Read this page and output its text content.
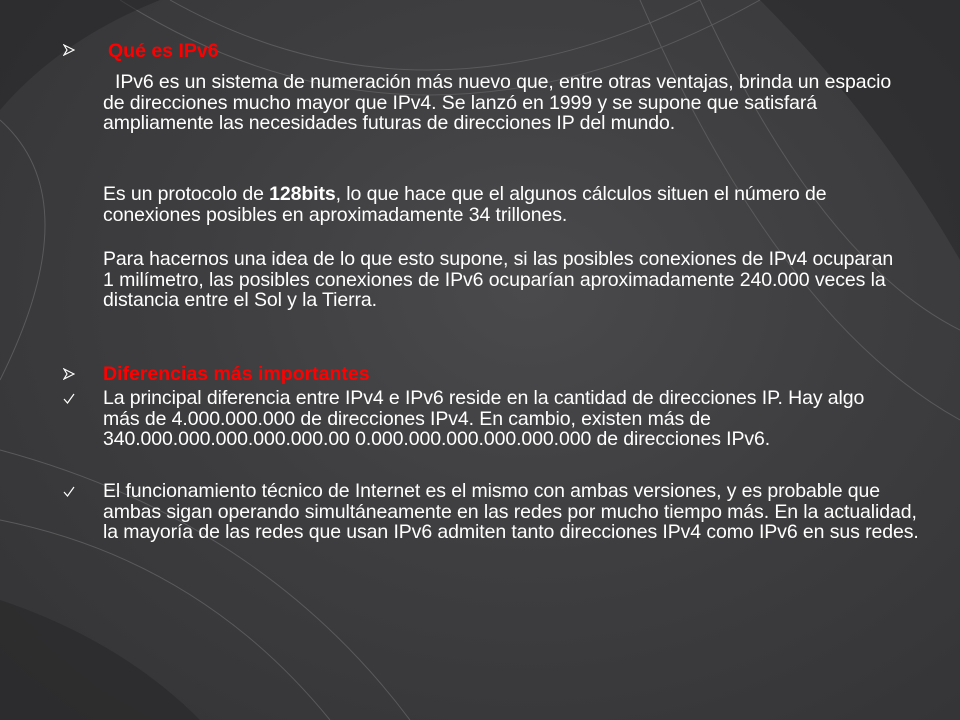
Qué es IPv6
IPv6 es un sistema de numeración más nuevo que, entre otras ventajas, brinda un espacio de direcciones mucho mayor que IPv4. Se lanzó en 1999 y se supone que satisfará ampliamente las necesidades futuras de direcciones IP del mundo.
Es un protocolo de 128bits, lo que hace que el algunos cálculos situen el número de conexiones posibles en aproximadamente 34 trillones.
Para hacernos una idea de lo que esto supone, si las posibles conexiones de IPv4 ocuparan 1 milímetro, las posibles conexiones de IPv6 ocuparían aproximadamente 240.000 veces la distancia entre el Sol y la Tierra.
Diferencias más importantes
La principal diferencia entre IPv4 e IPv6 reside en la cantidad de direcciones IP. Hay algo más de 4.000.000.000 de direcciones IPv4. En cambio, existen más de 340.000.000.000.000.000.00 0.000.000.000.000.000.000 de direcciones IPv6.
El funcionamiento técnico de Internet es el mismo con ambas versiones, y es probable que ambas sigan operando simultáneamente en las redes por mucho tiempo más. En la actualidad, la mayoría de las redes que usan IPv6 admiten tanto direcciones IPv4 como IPv6 en sus redes.
